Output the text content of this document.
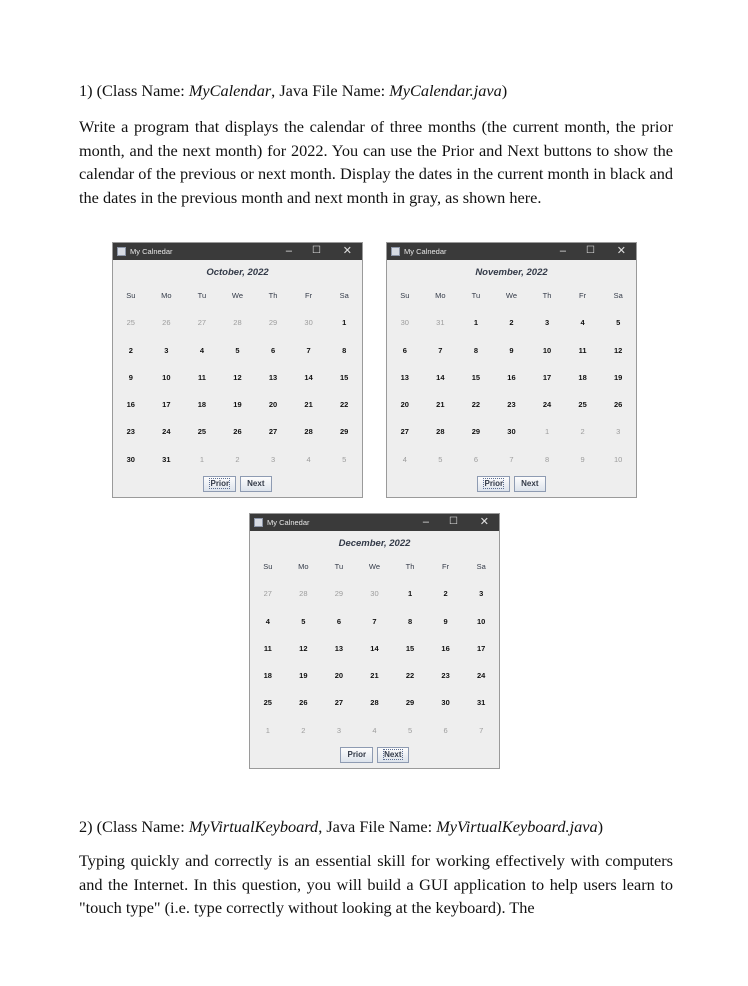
1) (Class Name: MyCalendar, Java File Name: MyCalendar.java)

Write a program that displays the calendar of three months (the current month, the prior month, and the next month) for 2022. You can use the Prior and Next buttons to show the calendar of the previous or next month. Display the dates in the current month in black and the dates in the previous month and next month in gray, as shown here.

My Calnedar	– ☐ ✕
October, 2022
Su	Mo	Tu	We	Th	Fr	Sa
25	26	27	28	29	30	1
2	3	4	5	6	7	8
9	10	11	12	13	14	15
16	17	18	19	20	21	22
23	24	25	26	27	28	29
30	31	1	2	3	4	5
Prior Next
My Calnedar	– ☐ ✕
November, 2022
Su	Mo	Tu	We	Th	Fr	Sa
30	31	1	2	3	4	5
6	7	8	9	10	11	12
13	14	15	16	17	18	19
20	21	22	23	24	25	26
27	28	29	30	1	2	3
4	5	6	7	8	9	10
Prior Next
My Calnedar	– ☐ ✕
December, 2022
Su	Mo	Tu	We	Th	Fr	Sa
27	28	29	30	1	2	3
4	5	6	7	8	9	10
11	12	13	14	15	16	17
18	19	20	21	22	23	24
25	26	27	28	29	30	31
1	2	3	4	5	6	7
Prior Next

2) (Class Name: MyVirtualKeyboard, Java File Name: MyVirtualKeyboard.java)

Typing quickly and correctly is an essential skill for working effectively with computers and the Internet. In this question, you will build a GUI application to help users learn to "touch type" (i.e. type correctly without looking at the keyboard). The
